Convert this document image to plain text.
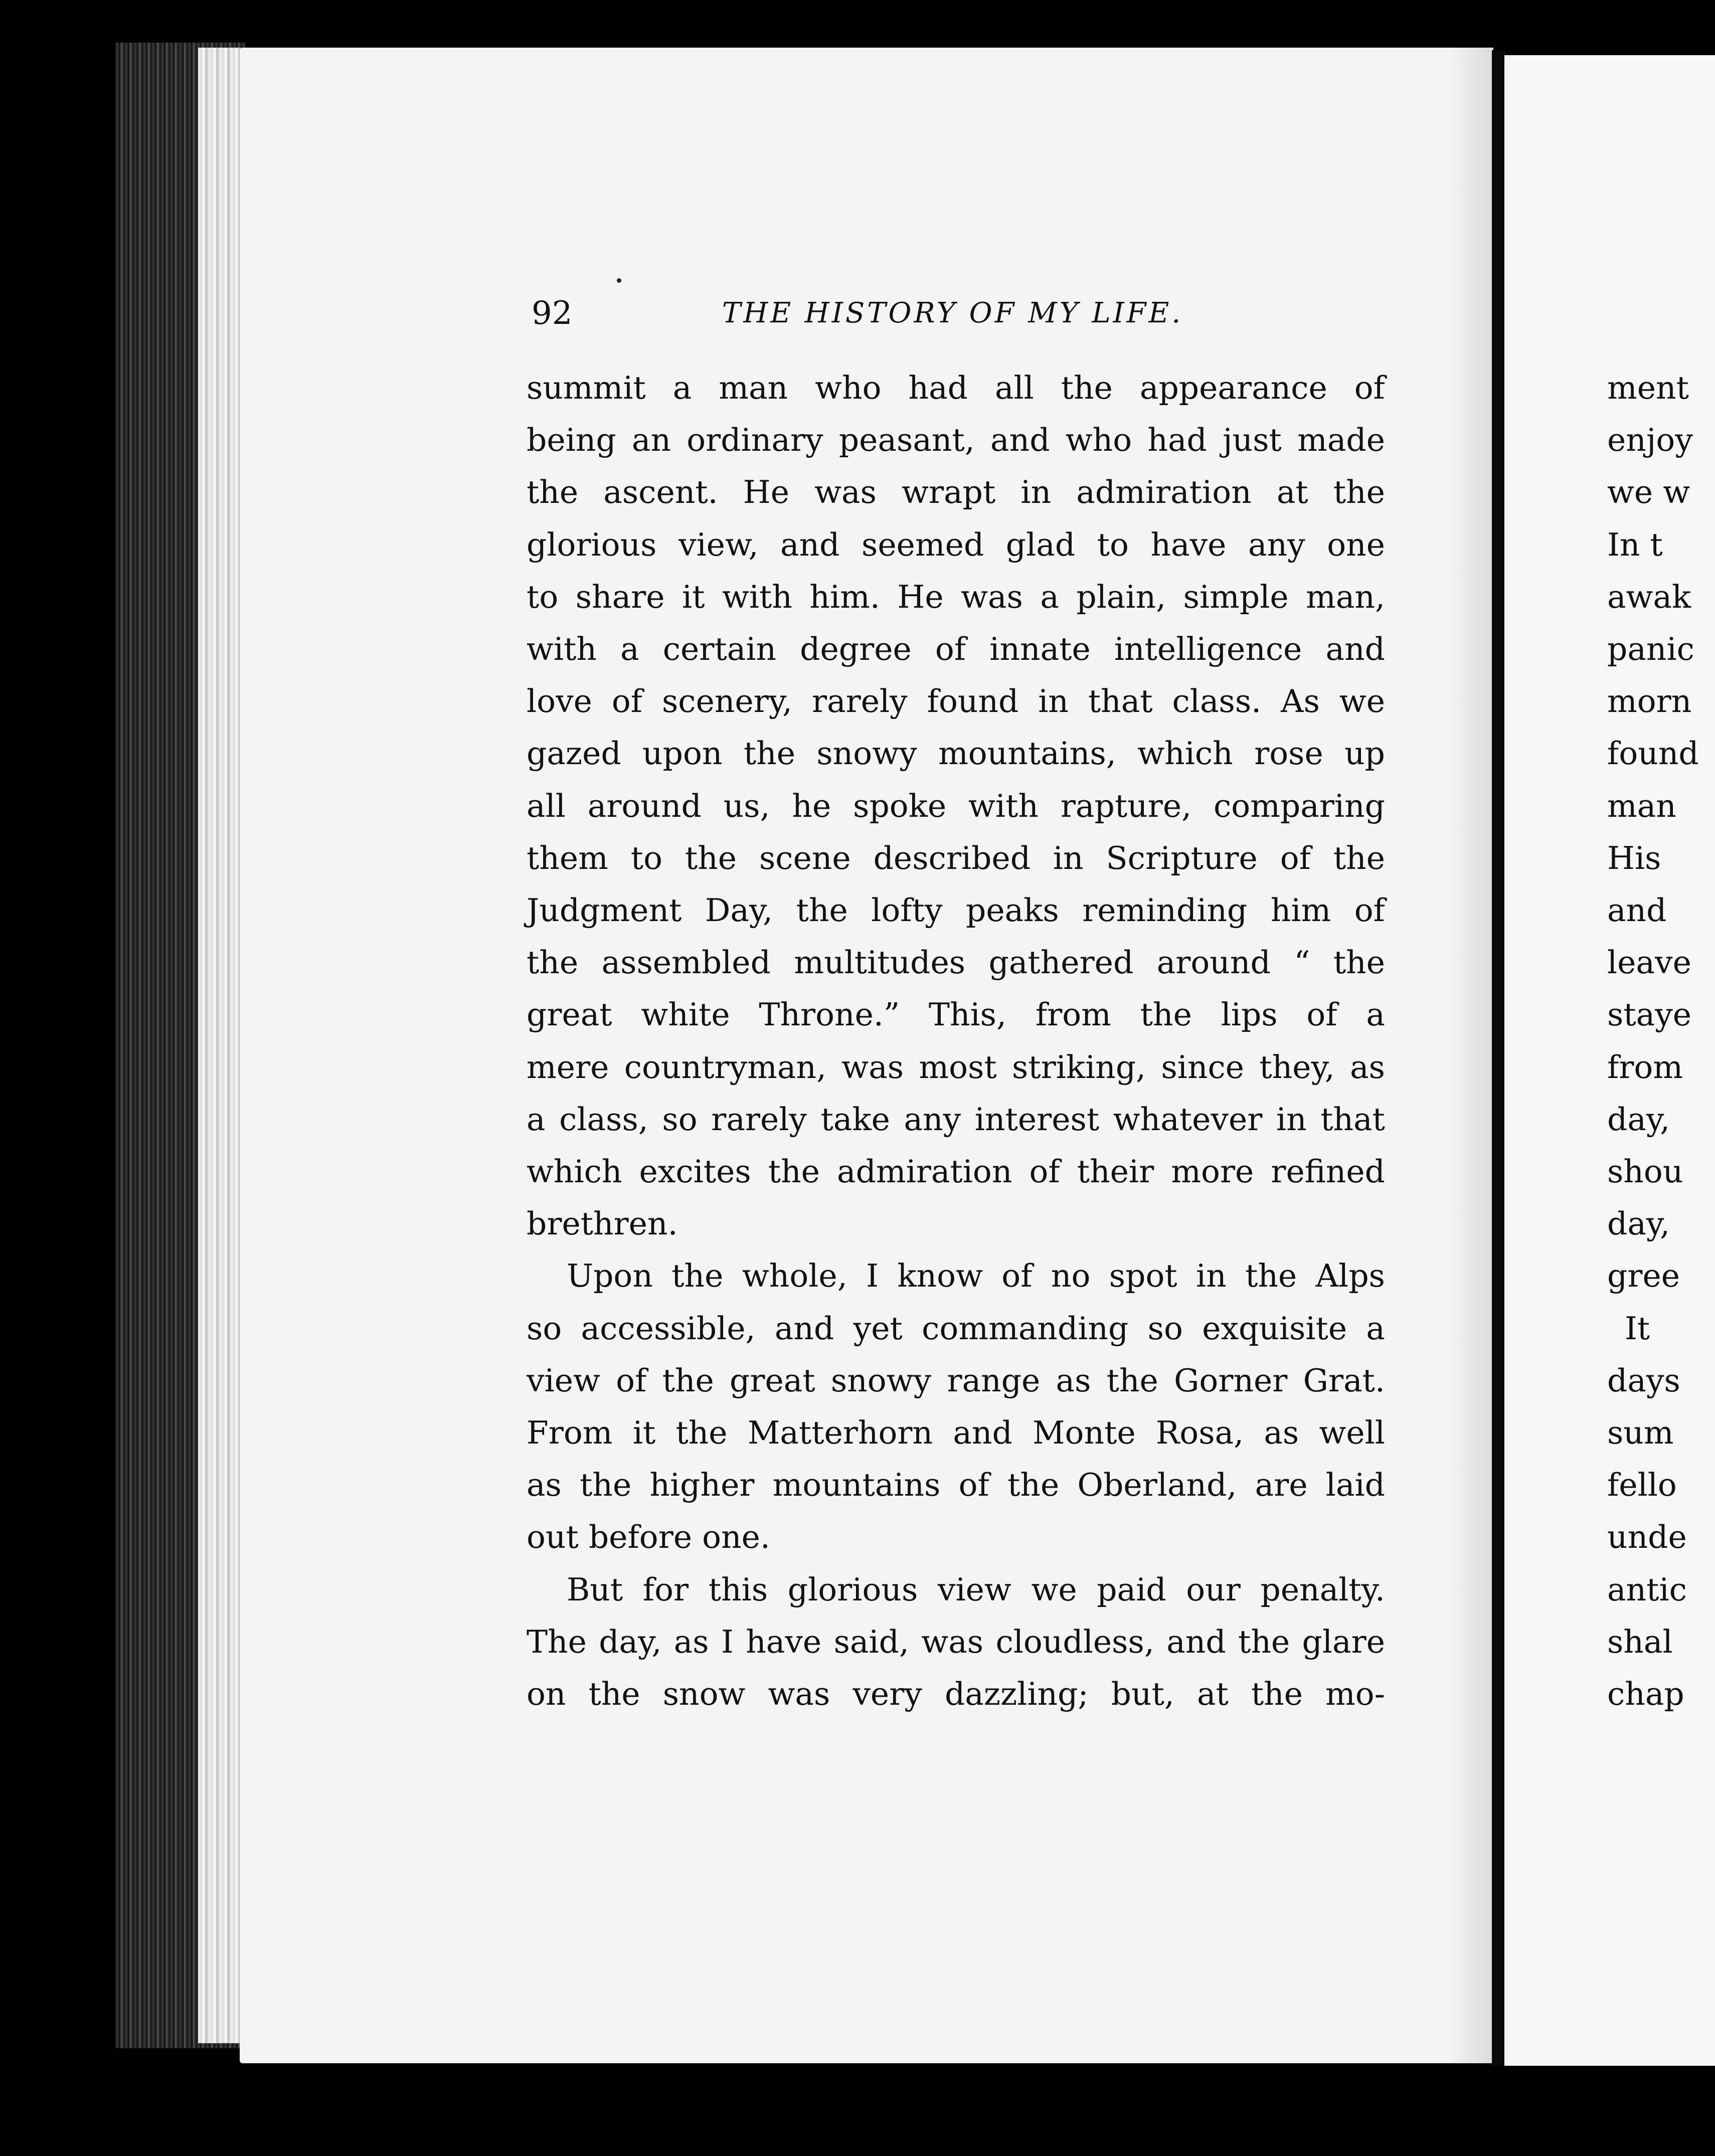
92	THE HISTORY OF MY LIFE.

summit a man who had all the appearance of

being an ordinary peasant, and who had just made

the ascent. He was wrapt in admiration at the

glorious view, and seemed glad to have any one

to share it with him. He was a plain, simple man,

with a certain degree of innate intelligence and

love of scenery, rarely found in that class. As we

gazed upon the snowy mountains, which rose up

all around us, he spoke with rapture, comparing

them to the scene described in Scripture of the

Judgment Day, the lofty peaks reminding him of

the assembled multitudes gathered around “ the

great white Throne.” This, from the lips of a

mere countryman, was most striking, since they, as

a class, so rarely take any interest whatever in that

which excites the admiration of their more refined

brethren.

Upon the whole, I know of no spot in the Alps

so accessible, and yet commanding so exquisite a

view of the great snowy range as the Gorner Grat.

From it the Matterhorn and Monte Rosa, as well

as the higher mountains of the Oberland, are laid

out before one.

But for this glorious view we paid our penalty.

The day, as I have said, was cloudless, and the glare

on the snow was very dazzling; but, at the mo-

ment
enjoy
we w
In t
awak
panic
morn
found
man
His
and
leave
staye
from
day,
shou
day,
gree
It
days
sum
fello
unde
antic
shal
chap
